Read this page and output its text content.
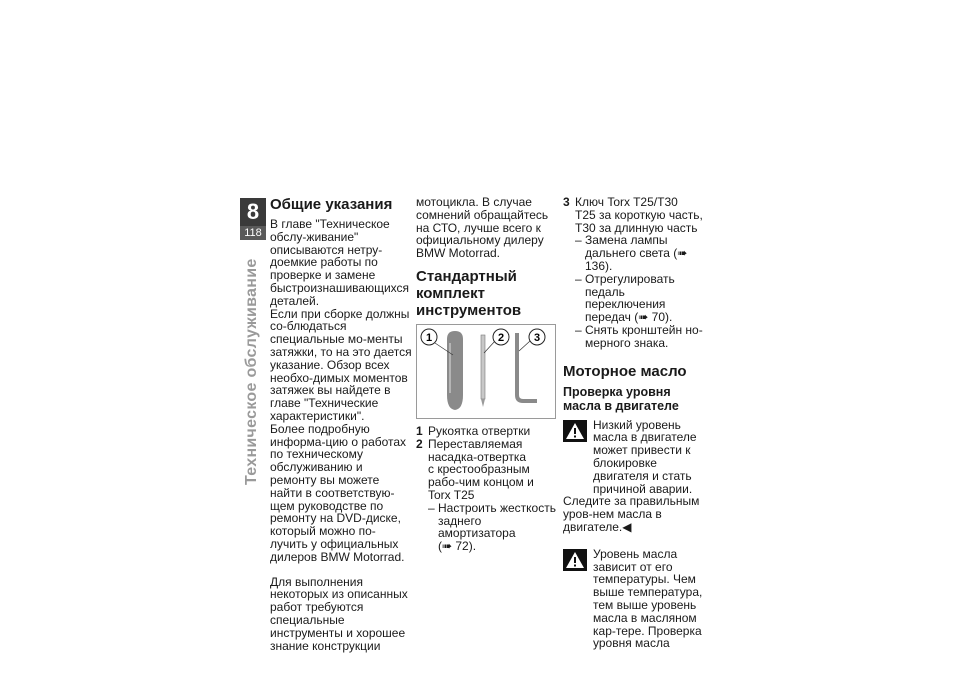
8
118
Техническое обслуживание
Общие указания

В главе "Техническое обслу-живание" описываются нетру-доемкие работы по проверке и замене быстроизнашивающихся деталей.

Если при сборке должны со-блюдаться специальные мо-менты затяжки, то на это дается указание. Обзор всех необхо-димых моментов затяжек вы найдете в главе "Технические характеристики".

Более подробную информа-цию о работах по техническому обслуживанию и ремонту вы можете найти в соответствую-щем руководстве по ремонту на DVD-диске, который можно по-лучить у официальных дилеров BMW Motorrad.

Для выполнения некоторых из описанных работ требуются специальные инструменты и хорошее знание конструкции

мотоцикла. В случае сомнений обращайтесь на СТО, лучше всего к официальному дилеру BMW Motorrad.

Стандартный комплект инструментов
1	2	3
1 Рукоятка отвертки
2 Переставляемая насадка-отвертка
с крестообразным рабо-чим концом и Torx T25
– Настроить жесткость заднего амортизатора
(➠ 72).
3 Ключ Torx T25/T30
T25 за короткую часть,
T30 за длинную часть
– Замена лампы дальнего света (➠ 136).
– Отрегулировать педаль переключения передач (➠ 70).
– Снять кронштейн но-мерного знака.
Моторное масло
Проверка уровня масла в двигателе
Низкий уровень масла в двигателе может привести к блокировке двигателя и стать причиной аварии.

Следите за правильным уров-нем масла в двигателе.◀

Уровень масла зависит от его температуры. Чем выше температура, тем выше уровень масла в масляном кар-тере. Проверка уровня масла
